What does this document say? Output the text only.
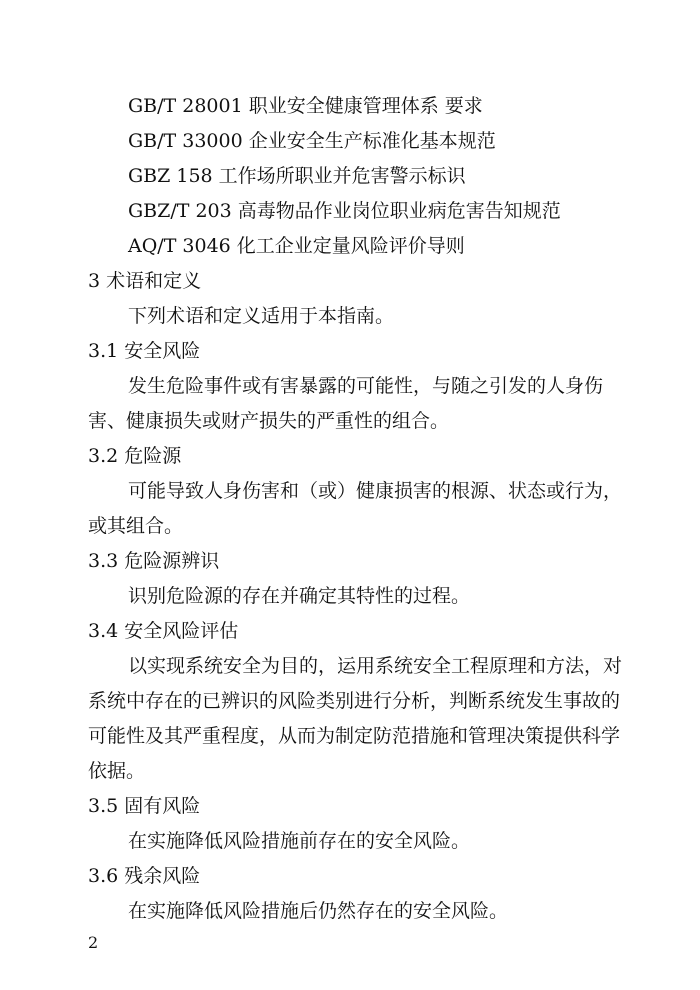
GB/T 28001 职业安全健康管理体系 要求
GB/T 33000 企业安全生产标准化基本规范
GBZ 158 工作场所职业并危害警示标识
GBZ/T 203 高毒物品作业岗位职业病危害告知规范
AQ/T 3046 化工企业定量风险评价导则
3 术语和定义
下列术语和定义适用于本指南。
3.1 安全风险
发生危险事件或有害暴露的可能性，与随之引发的人身伤
害、健康损失或财产损失的严重性的组合。
3.2 危险源
可能导致人身伤害和（或）健康损害的根源、状态或行为，
或其组合。
3.3 危险源辨识
识别危险源的存在并确定其特性的过程。
3.4 安全风险评估
以实现系统安全为目的，运用系统安全工程原理和方法，对
系统中存在的已辨识的风险类别进行分析，判断系统发生事故的
可能性及其严重程度，从而为制定防范措施和管理决策提供科学
依据。
3.5 固有风险
在实施降低风险措施前存在的安全风险。
3.6 残余风险
在实施降低风险措施后仍然存在的安全风险。
2
